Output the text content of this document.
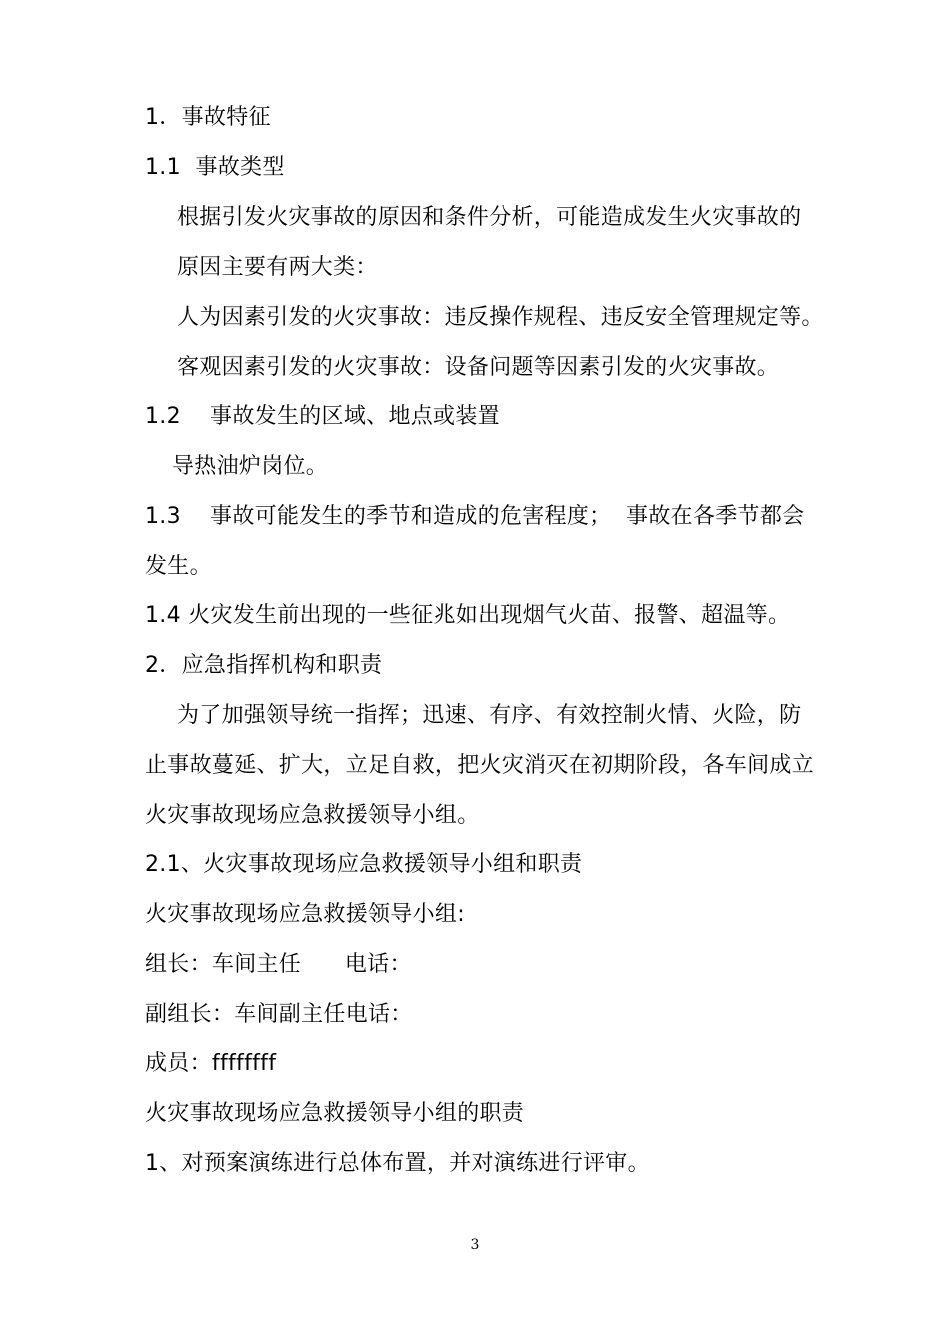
1．事故特征
1.1  事故类型
根据引发火灾事故的原因和条件分析，可能造成发生火灾事故的
原因主要有两大类：
人为因素引发的火灾事故：违反操作规程、违反安全管理规定等。
客观因素引发的火灾事故：设备问题等因素引发的火灾事故。
1.2    事故发生的区域、地点或装置
导热油炉岗位。
1.3    事故可能发生的季节和造成的危害程度；  事故在各季节都会
发生。
1.4 火灾发生前出现的一些征兆如出现烟气火苗、报警、超温等。
2．应急指挥机构和职责
为了加强领导统一指挥；迅速、有序、有效控制火情、火险，防
止事故蔓延、扩大，立足自救，把火灾消灭在初期阶段，各车间成立
火灾事故现场应急救援领导小组。
2.1、火灾事故现场应急救援领导小组和职责
火灾事故现场应急救援领导小组:
组长：车间主任      电话：
副组长：车间副主任电话：
成员：ffffffff
火灾事故现场应急救援领导小组的职责
1、对预案演练进行总体布置，并对演练进行评审。
3
